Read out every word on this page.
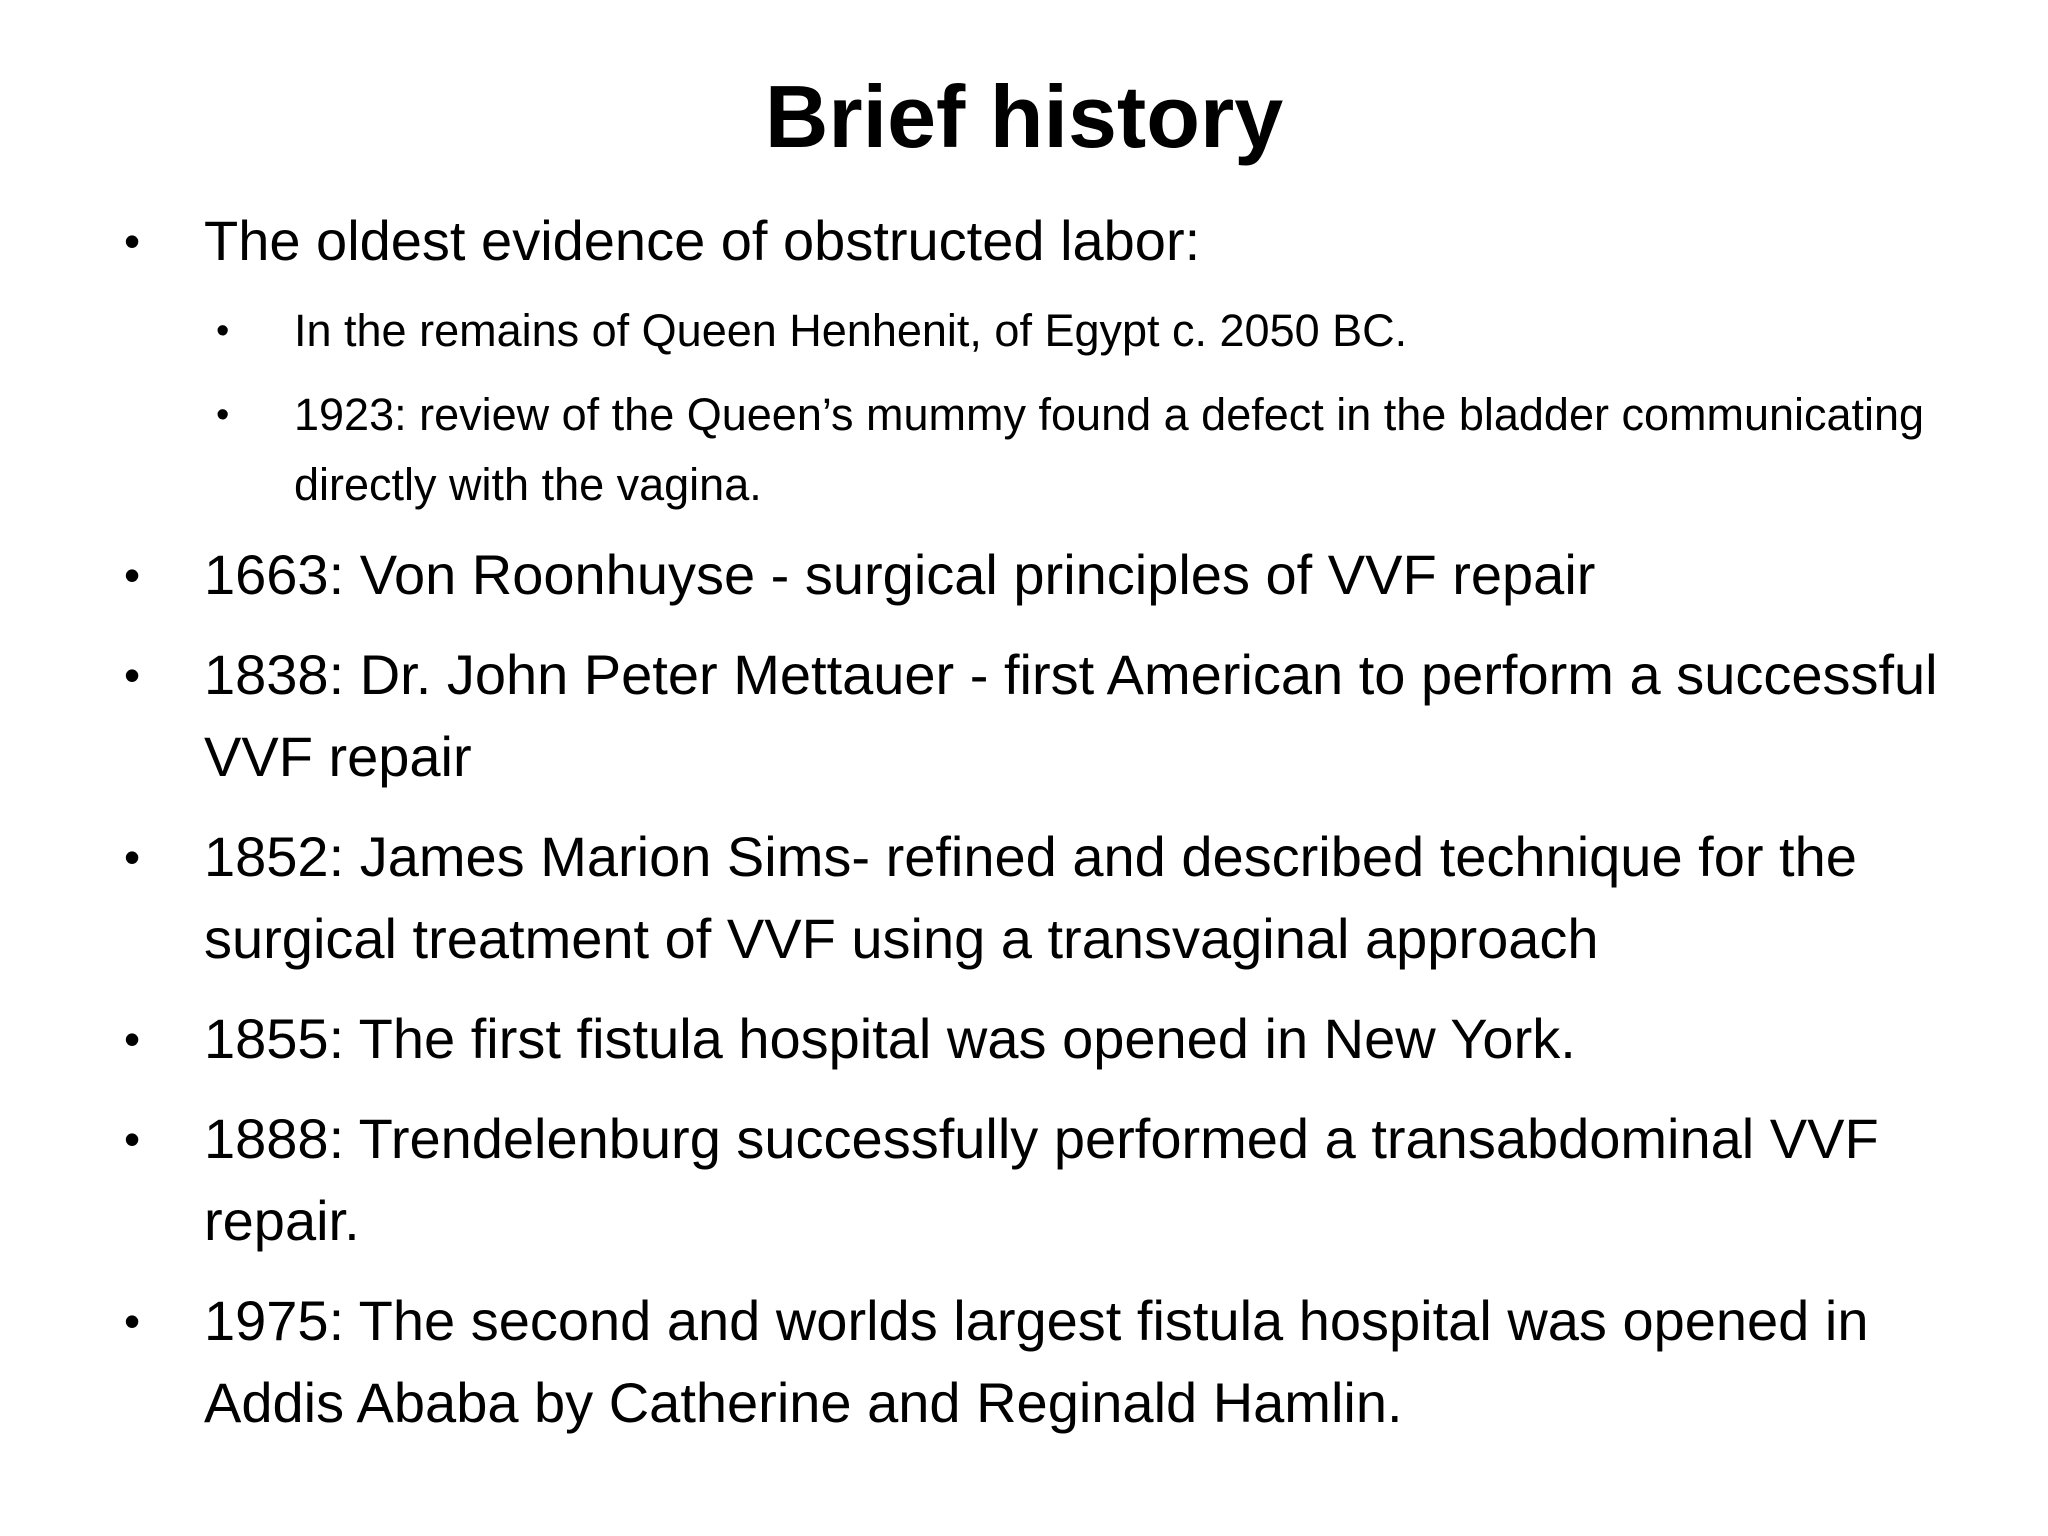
Brief history
• The oldest evidence of obstructed labor:
• In the remains of Queen Henhenit, of Egypt c. 2050 BC.
• 1923: review of the Queen’s mummy found a defect in the bladder communicating directly with the vagina.
• 1663: Von Roonhuyse - surgical principles of VVF repair
• 1838: Dr. John Peter Mettauer - first American to perform a successful VVF repair
• 1852: James Marion Sims- refined and described technique for the surgical treatment of VVF using a transvaginal approach
• 1855: The first fistula hospital was opened in New York.
• 1888: Trendelenburg successfully performed a transabdominal VVF repair.
• 1975: The second and worlds largest fistula hospital was opened in Addis Ababa by Catherine and Reginald Hamlin.
